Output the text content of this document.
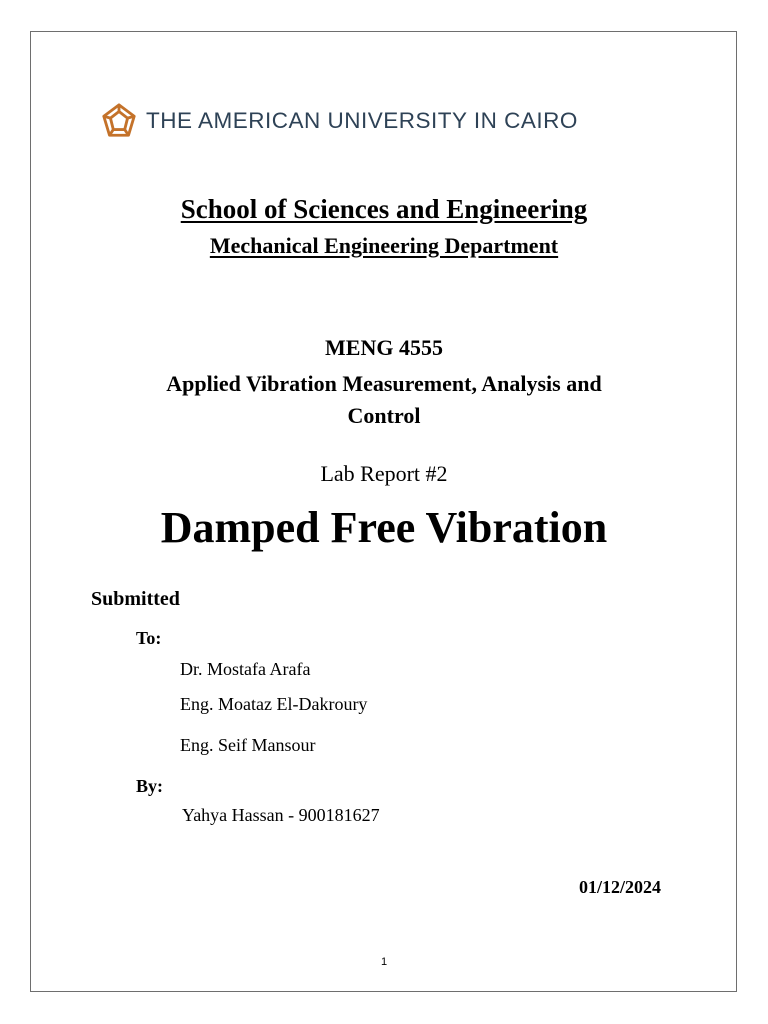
THE AMERICAN UNIVERSITY IN CAIRO
School of Sciences and Engineering
Mechanical Engineering Department
MENG 4555
Applied Vibration Measurement, Analysis and
Control
Lab Report #2
Damped Free Vibration
Submitted
To:
Dr. Mostafa Arafa
Eng. Moataz El-Dakroury
Eng. Seif Mansour
By:
Yahya Hassan - 900181627
01/12/2024
1
